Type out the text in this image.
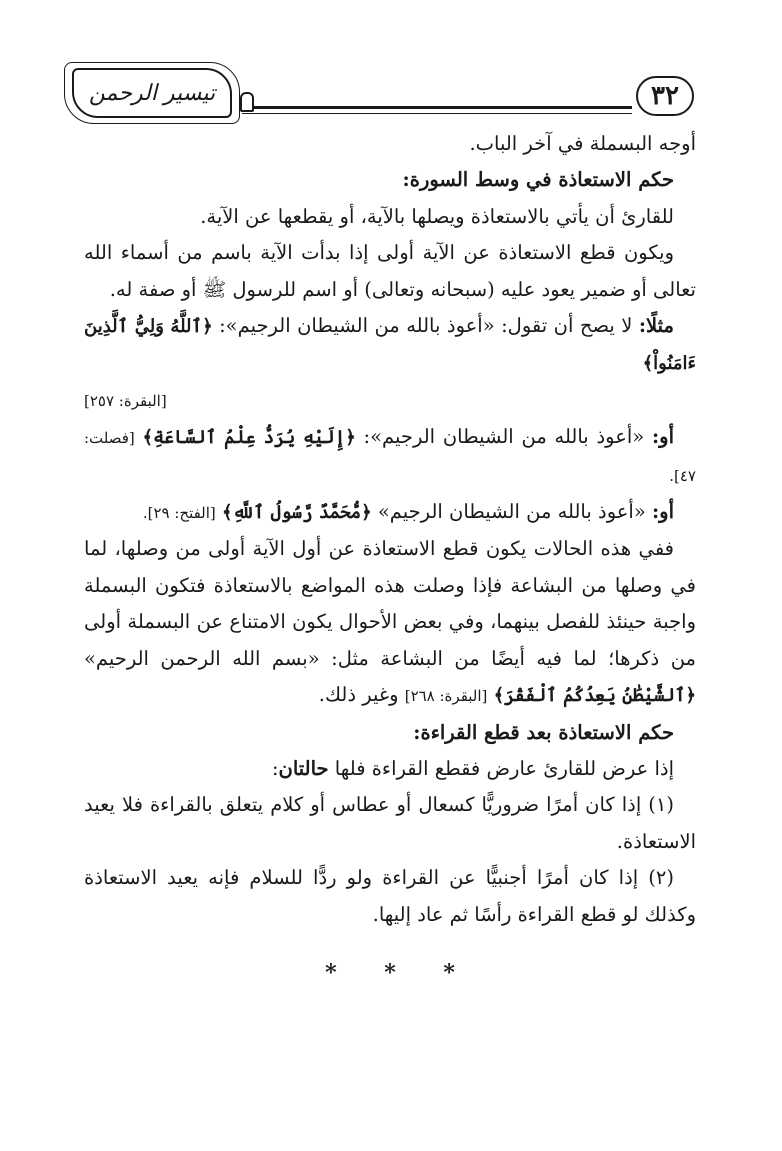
٣٢
تيسير الرحمن

أوجه البسملة في آخر الباب.

حكم الاستعاذة في وسط السورة:

للقارئ أن يأتي بالاستعاذة ويصلها بالآية، أو يقطعها عن الآية.

ويكون قطع الاستعاذة عن الآية أولى إذا بدأت الآية باسم من أسماء الله تعالى أو ضمير يعود عليه (سبحانه وتعالى) أو اسم للرسول ﷺ أو صفة له.

مثلًا: لا يصح أن تقول: «أعوذ بالله من الشيطان الرجيم»: ﴿ٱللَّهُ وَلِيُّ ٱلَّذِينَ ءَامَنُواْ﴾

[البقرة: ٢٥٧]

أو: «أعوذ بالله من الشيطان الرجيم»: ﴿إِلَيْهِ يُرَدُّ عِلْمُ ٱلسَّاعَةِ﴾ [فصلت: ٤٧].

أو: «أعوذ بالله من الشيطان الرجيم» ﴿مُّحَمَّدٌ رَّسُولُ ٱللَّهِ﴾ [الفتح: ٢٩].

ففي هذه الحالات يكون قطع الاستعاذة عن أول الآية أولى من وصلها، لما في وصلها من البشاعة فإذا وصلت هذه المواضع بالاستعاذة فتكون البسملة واجبة حينئذ للفصل بينهما، وفي بعض الأحوال يكون الامتناع عن البسملة أولى من ذكرها؛ لما فيه أيضًا من البشاعة مثل: «بسم الله الرحمن الرحيم» ﴿ٱلشَّيْطَٰنُ يَعِدُكُمُ ٱلْفَقْرَ﴾ [البقرة: ٢٦٨] وغير ذلك.

حكم الاستعاذة بعد قطع القراءة:

إذا عرض للقارئ عارض فقطع القراءة فلها حالتان:

(١) إذا كان أمرًا ضروريًّا كسعال أو عطاس أو كلام يتعلق بالقراءة فلا يعيد الاستعاذة.

(٢) إذا كان أمرًا أجنبيًّا عن القراءة ولو ردًّا للسلام فإنه يعيد الاستعاذة وكذلك لو قطع القراءة رأسًا ثم عاد إليها.

* * *
